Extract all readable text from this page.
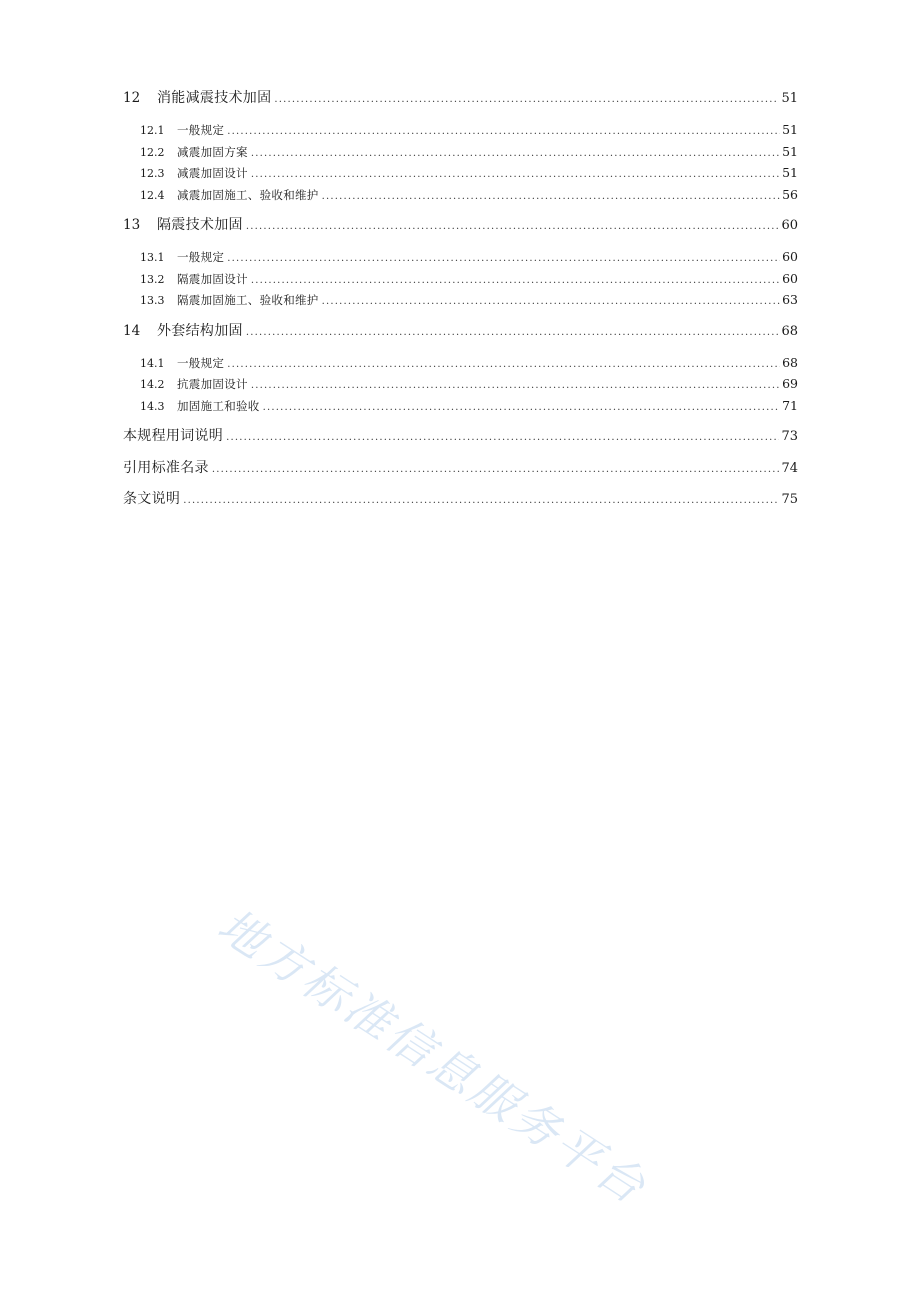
12	消能减震技术加固 .....	51
12.1	一般规定 .....	51
12.2	减震加固方案 .....	51
12.3	减震加固设计 .....	51
12.4	减震加固施工、验收和维护 .....	56
13	隔震技术加固 .....	60
13.1	一般规定 .....	60
13.2	隔震加固设计 .....	60
13.3	隔震加固施工、验收和维护 .....	63
14	外套结构加固 .....	68
14.1	一般规定 .....	68
14.2	抗震加固设计 .....	69
14.3	加固施工和验收 .....	71
本规程用词说明 .....	73
引用标准名录 .....	74
条文说明 .....	75
地方标准信息服务平台
